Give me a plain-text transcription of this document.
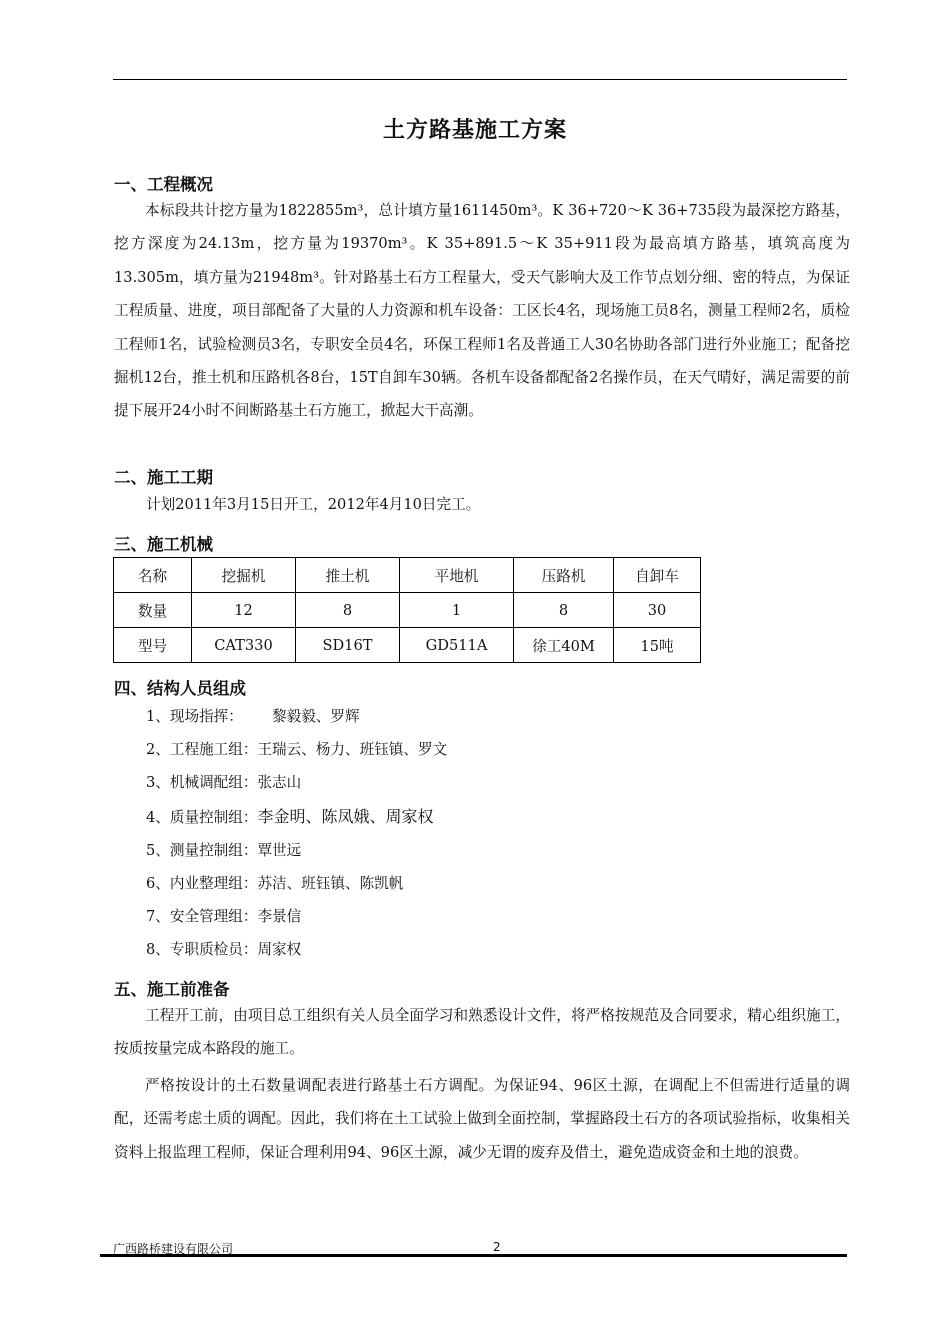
土方路基施工方案
一、工程概况
本标段共计挖方量为1822855m³，总计填方量1611450m³。K 36+720～K 36+735段为最深挖方路基，挖方深度为24.13m，挖方量为19370m³。K 35+891.5～K 35+911段为最高填方路基，填筑高度为13.305m，填方量为21948m³。针对路基土石方工程量大，受天气影响大及工作节点划分细、密的特点，为保证工程质量、进度，项目部配备了大量的人力资源和机车设备：工区长4名，现场施工员8名，测量工程师2名，质检工程师1名，试验检测员3名，专职安全员4名，环保工程师1名及普通工人30名协助各部门进行外业施工；配备挖掘机12台，推土机和压路机各8台，15T自卸车30辆。各机车设备都配备2名操作员，在天气晴好，满足需要的前提下展开24小时不间断路基土石方施工，掀起大干高潮。
二、施工工期
计划2011年3月15日开工，2012年4月10日完工。
三、施工机械
名称	挖掘机	推土机	平地机	压路机	自卸车
数量	12	8	1	8	30
型号	CAT330	SD16T	GD511A	徐工40M	15吨
四、结构人员组成
1、现场指挥： 黎毅毅、罗辉
2、工程施工组：王瑞云、杨力、班钰镇、罗文
3、机械调配组：张志山
4、质量控制组：李金明、陈凤娥、周家权
5、测量控制组：覃世远
6、内业整理组：苏洁、班钰镇、陈凯帆
7、安全管理组：李景信
8、专职质检员：周家权
五、施工前准备
工程开工前，由项目总工组织有关人员全面学习和熟悉设计文件，将严格按规范及合同要求，精心组织施工，按质按量完成本路段的施工。
严格按设计的土石数量调配表进行路基土石方调配。为保证94、96区土源，在调配上不但需进行适量的调配，还需考虑土质的调配。因此，我们将在土工试验上做到全面控制，掌握路段土石方的各项试验指标，收集相关资料上报监理工程师，保证合理利用94、96区土源，减少无谓的废弃及借土，避免造成资金和土地的浪费。
广西路桥建设有限公司	2
